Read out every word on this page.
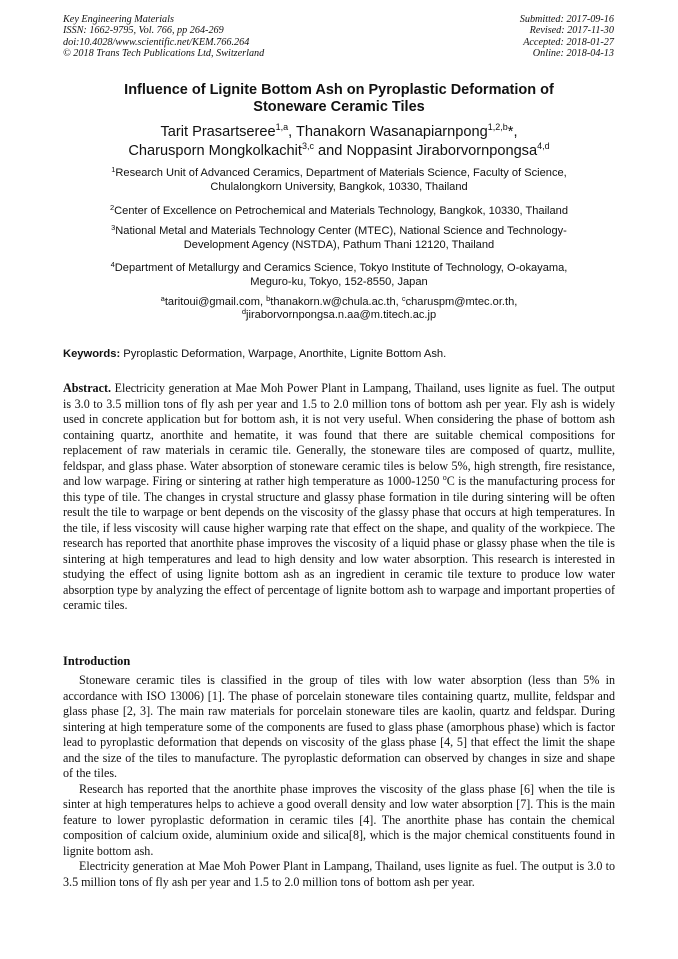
Key Engineering Materials
ISSN: 1662-9795, Vol. 766, pp 264-269
doi:10.4028/www.scientific.net/KEM.766.264
© 2018 Trans Tech Publications Ltd, Switzerland
Submitted: 2017-09-16
Revised: 2017-11-30
Accepted: 2018-01-27
Online: 2018-04-13
Influence of Lignite Bottom Ash on Pyroplastic Deformation of
Stoneware Ceramic Tiles
Tarit Prasartseree$^{1,a}$, Thanakorn Wasanapiarnpong$^{1,2,b}$*,
Charusporn Mongkolkachit$^{3,c}$ and Noppasint Jiraborvornpongsa$^{4,d}$
$^1$Research Unit of Advanced Ceramics, Department of Materials Science, Faculty of Science,
Chulalongkorn University, Bangkok, 10330, Thailand
$^2$Center of Excellence on Petrochemical and Materials Technology, Bangkok, 10330, Thailand
$^3$National Metal and Materials Technology Center (MTEC), National Science and Technology-
Development Agency (NSTDA), Pathum Thani 12120, Thailand
$^4$Department of Metallurgy and Ceramics Science, Tokyo Institute of Technology, O-okayama,
Meguro-ku, Tokyo, 152-8550, Japan
$^a$taritoui@gmail.com, $^b$thanakorn.w@chula.ac.th, $^c$charuspm@mtec.or.th,
$^d$jiraborvornpongsa.n.aa@m.titech.ac.jp
Keywords: Pyroplastic Deformation, Warpage, Anorthite, Lignite Bottom Ash.
Abstract. Electricity generation at Mae Moh Power Plant in Lampang, Thailand, uses lignite as fuel. The output is 3.0 to 3.5 million tons of fly ash per year and 1.5 to 2.0 million tons of bottom ash per year. Fly ash is widely used in concrete application but for bottom ash, it is not very useful. When considering the phase of bottom ash containing quartz, anorthite and hematite, it was found that there are suitable chemical compositions for replacement of raw materials in ceramic tile. Generally, the stoneware tiles are composed of quartz, mullite, feldspar, and glass phase. Water absorption of stoneware ceramic tiles is below 5%, high strength, fire resistance, and low warpage. Firing or sintering at rather high temperature as 1000-1250 $^o$C is the manufacturing process for this type of tile. The changes in crystal structure and glassy phase formation in tile during sintering will be often result the tile to warpage or bent depends on the viscosity of the glassy phase that occurs at high temperatures. In the tile, if less viscosity will cause higher warping rate that effect on the shape, and quality of the workpiece. The research has reported that anorthite phase improves the viscosity of a liquid phase or glassy phase when the tile is sintering at high temperatures and lead to high density and low water absorption. This research is interested in studying the effect of using lignite bottom ash as an ingredient in ceramic tile texture to produce low water absorption type by analyzing the effect of percentage of lignite bottom ash to warpage and important properties of ceramic tiles.
Introduction

Stoneware ceramic tiles is classified in the group of tiles with low water absorption (less than 5% in accordance with ISO 13006) [1]. The phase of porcelain stoneware tiles containing quartz, mullite, feldspar and glass phase [2, 3]. The main raw materials for porcelain stoneware tiles are kaolin, quartz and feldspar. During sintering at high temperature some of the components are fused to glass phase (amorphous phase) which is factor lead to pyroplastic deformation that depends on viscosity of the glass phase [4, 5] that effect the limit the shape and the size of the tiles to manufacture. The pyroplastic deformation can observed by changes in size and shape of the tiles.

Research has reported that the anorthite phase improves the viscosity of the glass phase [6] when the tile is sinter at high temperatures helps to achieve a good overall density and low water absorption [7]. This is the main feature to lower pyroplastic deformation in ceramic tiles [4]. The anorthite phase has contain the chemical composition of calcium oxide, aluminium oxide and silica[8], which is the major chemical constituents found in lignite bottom ash.

Electricity generation at Mae Moh Power Plant in Lampang, Thailand, uses lignite as fuel. The output is 3.0 to 3.5 million tons of fly ash per year and 1.5 to 2.0 million tons of bottom ash per year.
